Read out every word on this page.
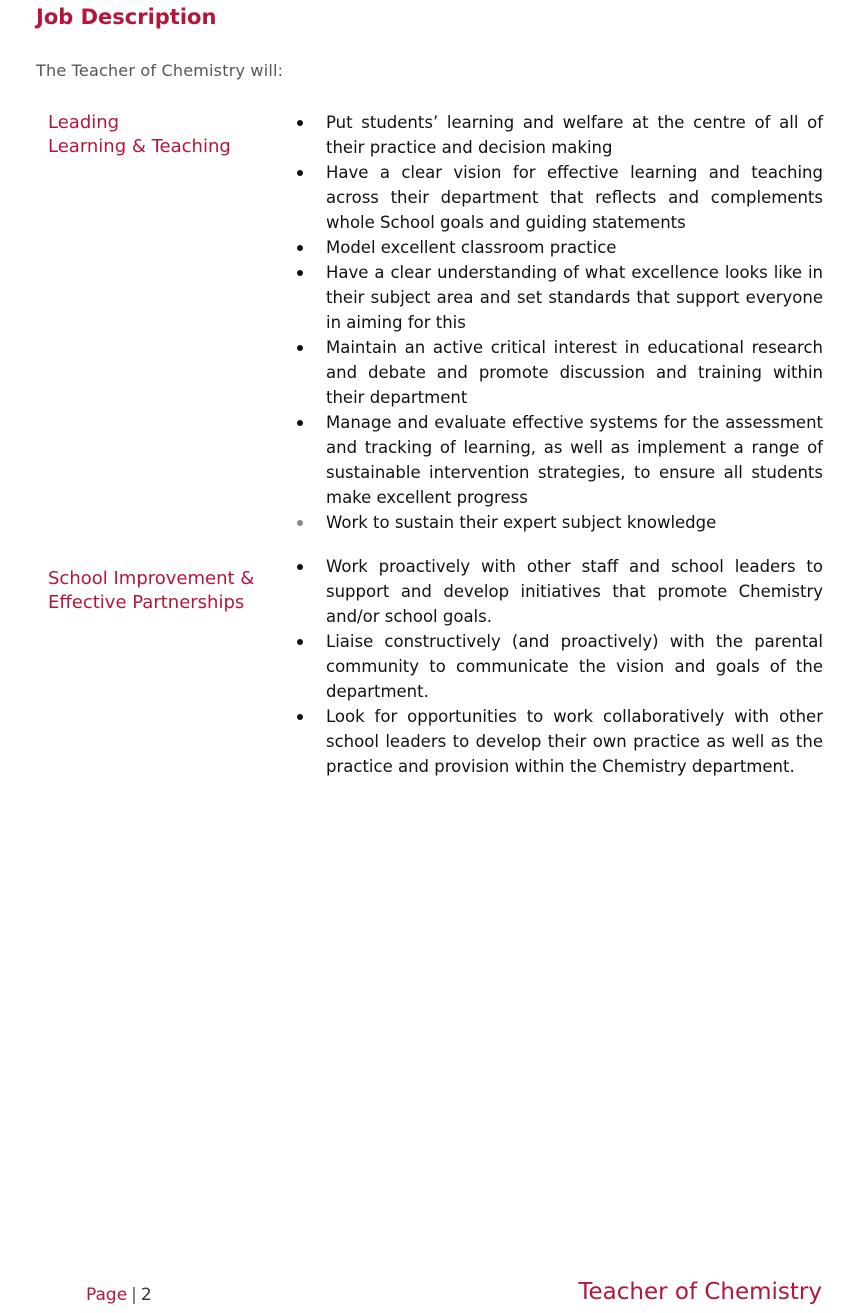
Job Description
The Teacher of Chemistry will:
Leading
Learning & Teaching
Put students’ learning and welfare at the centre of all of their practice and decision making
Have a clear vision for effective learning and teaching across their department that reflects and complements whole School goals and guiding statements
Model excellent classroom practice
Have a clear understanding of what excellence looks like in their subject area and set standards that support everyone in aiming for this
Maintain an active critical interest in educational research and debate and promote discussion and training within their department
Manage and evaluate effective systems for the assessment and tracking of learning, as well as implement a range of sustainable intervention strategies, to ensure all students make excellent progress
Work to sustain their expert subject knowledge
School Improvement &
Effective Partnerships
Work proactively with other staff and school leaders to support and develop initiatives that promote Chemistry and/or school goals.
Liaise constructively (and proactively) with the parental community to communicate the vision and goals of the department.
Look for opportunities to work collaboratively with other school leaders to develop their own practice as well as the practice and provision within the Chemistry department.
Page | 2	Teacher of Chemistry
